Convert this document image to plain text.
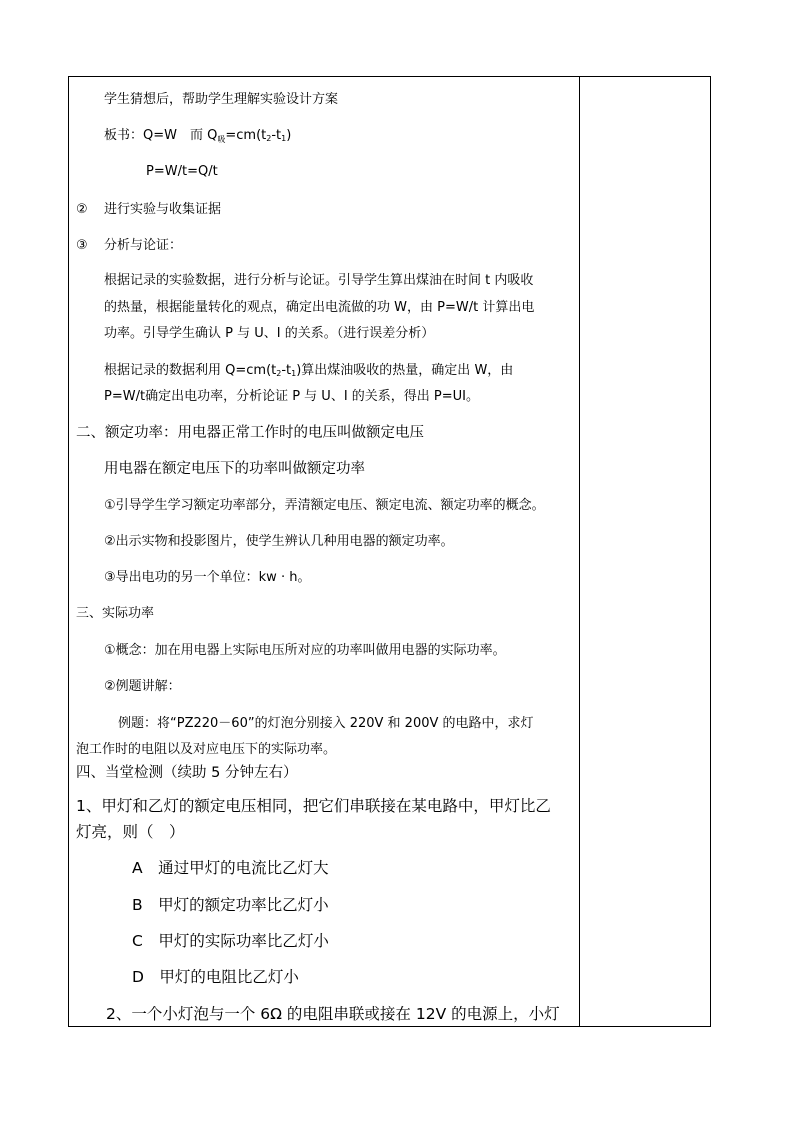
学生猜想后，帮助学生理解实验设计方案
板书：Q=W　而 $Q_吸=cm(t_2-t_1)$
P=W/t=Q/t
② 进行实验与收集证据
③ 分析与论证：
根据记录的实验数据，进行分析与论证。引导学生算出煤油在时间 t 内吸收
的热量，根据能量转化的观点，确定出电流做的功 W，由 P=W/t 计算出电
功率。引导学生确认 P 与 U、I 的关系。（进行误差分析）
根据记录的数据利用 $Q=cm(t_2-t_1)$算出煤油吸收的热量，确定出 W，由
P=W/t确定出电功率，分析论证 P 与 U、I 的关系，得出 P=UI。
二、额定功率：用电器正常工作时的电压叫做额定电压
用电器在额定电压下的功率叫做额定功率
①引导学生学习额定功率部分，弄清额定电压、额定电流、额定功率的概念。
②出示实物和投影图片，使学生辨认几种用电器的额定功率。
③导出电功的另一个单位：kw · h。
三、实际功率
①概念：加在用电器上实际电压所对应的功率叫做用电器的实际功率。
②例题讲解：
例题：将“PZ220－60”的灯泡分别接入 220V 和 200V 的电路中，求灯
泡工作时的电阻以及对应电压下的实际功率。
四、当堂检测（续助 5 分钟左右）
1、甲灯和乙灯的额定电压相同，把它们串联接在某电路中，甲灯比乙
灯亮，则（　）
A　通过甲灯的电流比乙灯大
B　甲灯的额定功率比乙灯小
C　甲灯的实际功率比乙灯小
D　甲灯的电阻比乙灯小
2、一个小灯泡与一个 6Ω 的电阻串联或接在 12V 的电源上，小灯
